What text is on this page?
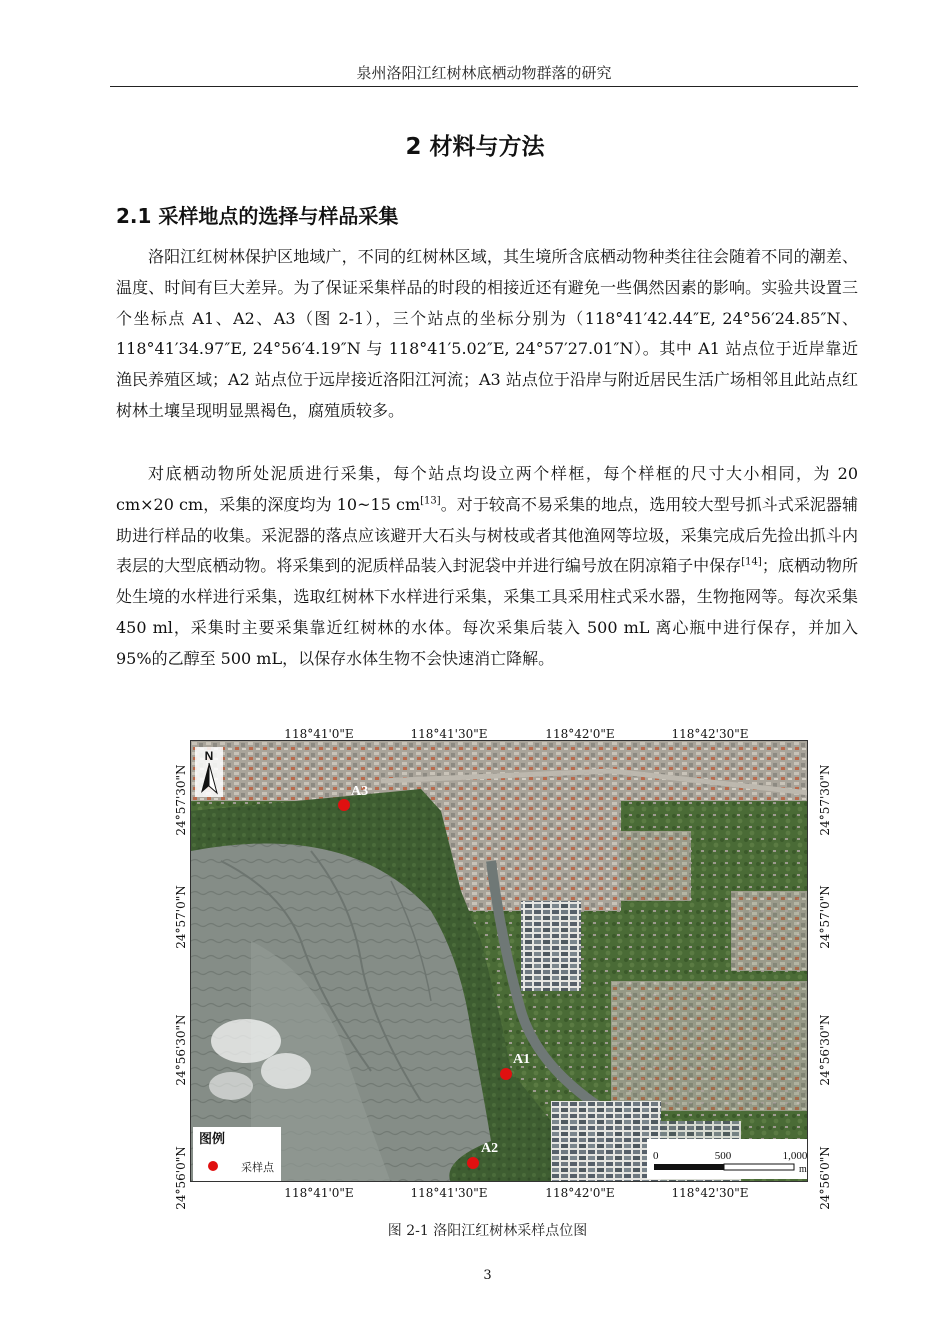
泉州洛阳江红树林底栖动物群落的研究
2 材料与方法
2.1 采样地点的选择与样品采集

洛阳江红树林保护区地域广，不同的红树林区域，其生境所含底栖动物种类往往会随着不同的潮差、温度、时间有巨大差异。为了保证采集样品的时段的相接近还有避免一些偶然因素的影响。实验共设置三个坐标点 A1、A2、A3（图 2-1），三个站点的坐标分别为（118°41′42.44″E, 24°56′24.85″N、118°41′34.97″E, 24°56′4.19″N 与 118°41′5.02″E, 24°57′27.01″N）。其中 A1 站点位于近岸靠近渔民养殖区域；A2 站点位于远岸接近洛阳江河流；A3 站点位于沿岸与附近居民生活广场相邻且此站点红树林土壤呈现明显黑褐色，腐殖质较多。

对底栖动物所处泥质进行采集，每个站点均设立两个样框，每个样框的尺寸大小相同，为 20 cm×20 cm，采集的深度均为 10~15 cm[13]。对于较高不易采集的地点，选用较大型号抓斗式采泥器辅助进行样品的收集。采泥器的落点应该避开大石头与树枝或者其他渔网等垃圾，采集完成后先捡出抓斗内表层的大型底栖动物。将采集到的泥质样品装入封泥袋中并进行编号放在阴凉箱子中保存[14]；底栖动物所处生境的水样进行采集，选取红树林下水样进行采集，采集工具采用柱式采水器，生物拖网等。每次采集 450 ml，采集时主要采集靠近红树林的水体。每次采集后装入 500 mL 离心瓶中进行保存，并加入 95%的乙醇至 500 mL，以保存水体生物不会快速消亡降解。

118°41'0"E	118°41'30"E	118°42'0"E	118°42'30"E
118°41'0"E	118°41'30"E	118°42'0"E	118°42'30"E
24°57'30"N
24°57'0"N
24°56'30"N
24°56'0"N
24°57'30"N
24°57'0"N
24°56'30"N
24°56'0"N
N
A3
A1
A2
图例
采样点
0	500	1,000
m
图 2-1 洛阳江红树林采样点位图
3
